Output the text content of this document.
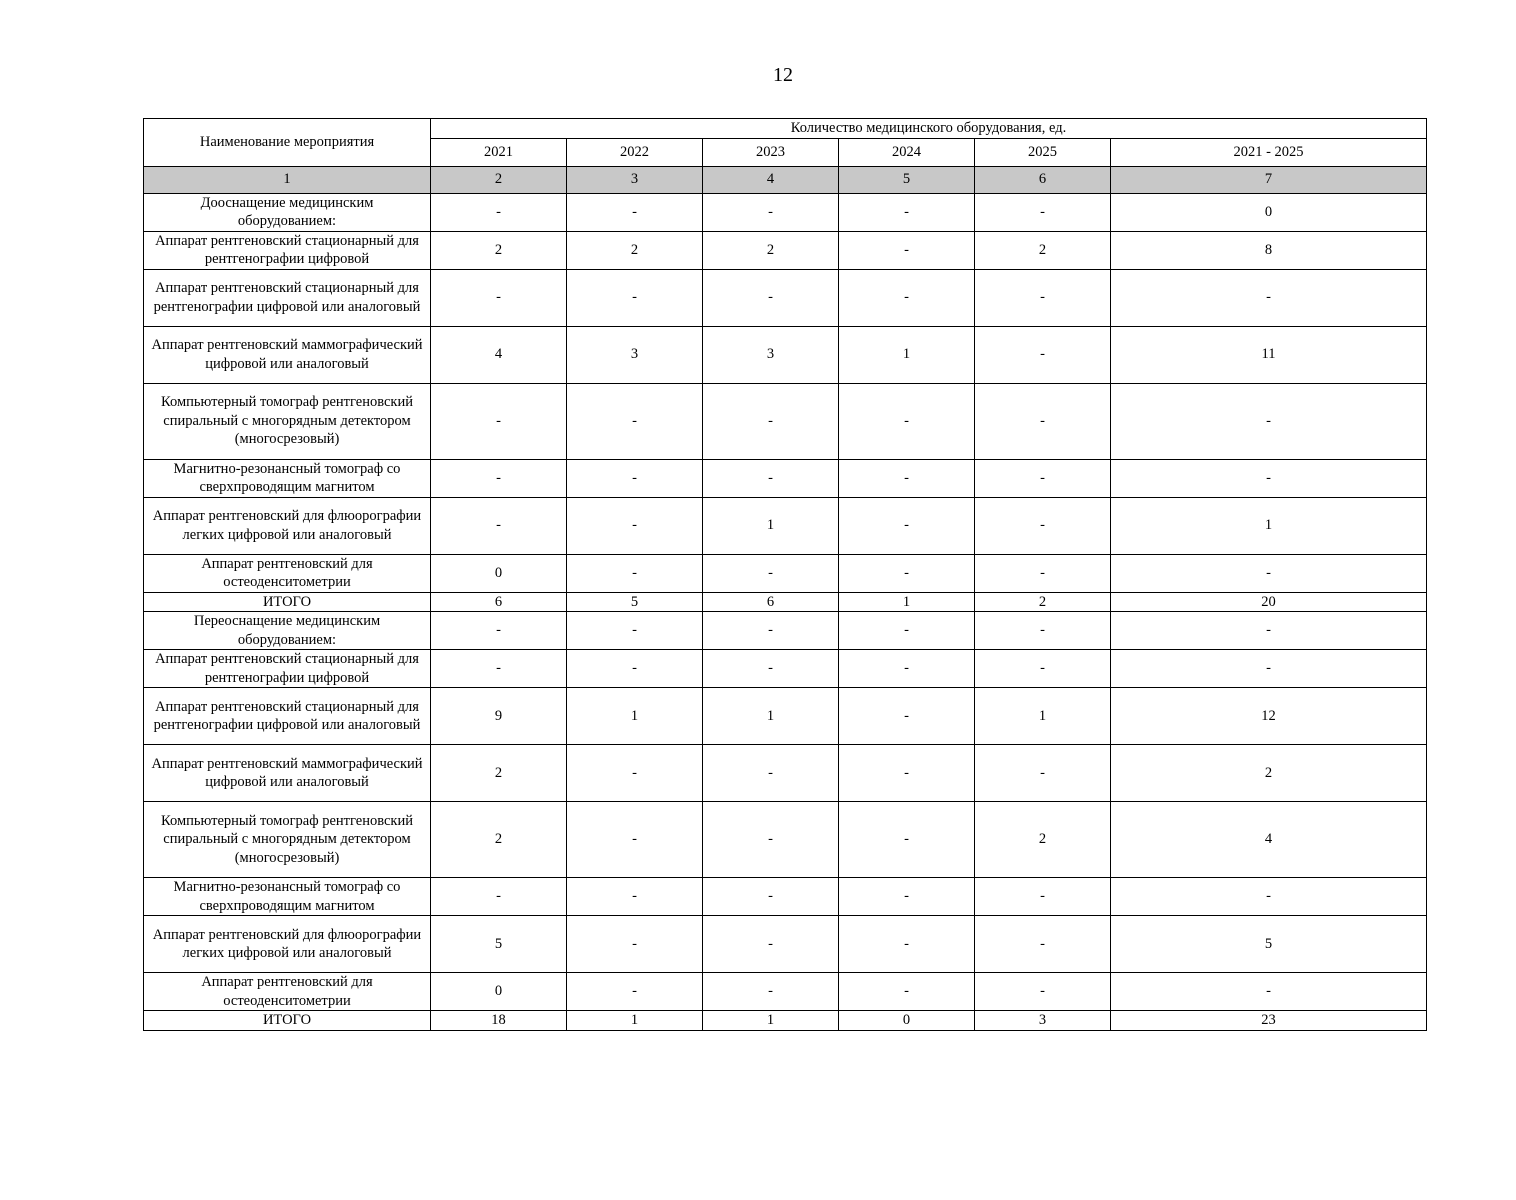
12
Наименование мероприятия	Количество медицинского оборудования, ед.					
	2021	2022	2023	2024	2025	2021 - 2025
1	2	3	4	5	6	7
Дооснащение медицинским оборудованием:	-	-	-	-	-	0
Аппарат рентгеновский стационарный для рентгенографии цифровой	2	2	2	-	2	8
Аппарат рентгеновский стационарный для рентгенографии цифровой или аналоговый	-	-	-	-	-	-
Аппарат рентгеновский маммографический цифровой или аналоговый	4	3	3	1	-	11
Компьютерный томограф рентгеновский спиральный с многорядным детектором (многосрезовый)	-	-	-	-	-	-
Магнитно-резонансный томограф со сверхпроводящим магнитом	-	-	-	-	-	-
Аппарат рентгеновский для флюорографии легких цифровой или аналоговый	-	-	1	-	-	1
Аппарат рентгеновский для остеоденситометрии	0	-	-	-	-	-
ИТОГО	6	5	6	1	2	20
Переоснащение медицинским оборудованием:	-	-	-	-	-	-
Аппарат рентгеновский стационарный для рентгенографии цифровой	-	-	-	-	-	-
Аппарат рентгеновский стационарный для рентгенографии цифровой или аналоговый	9	1	1	-	1	12
Аппарат рентгеновский маммографический цифровой или аналоговый	2	-	-	-	-	2
Компьютерный томограф рентгеновский спиральный с многорядным детектором (многосрезовый)	2	-	-	-	2	4
Магнитно-резонансный томограф со сверхпроводящим магнитом	-	-	-	-	-	-
Аппарат рентгеновский для флюорографии легких цифровой или аналоговый	5	-	-	-	-	5
Аппарат рентгеновский для остеоденситометрии	0	-	-	-	-	-
ИТОГО	18	1	1	0	3	23
